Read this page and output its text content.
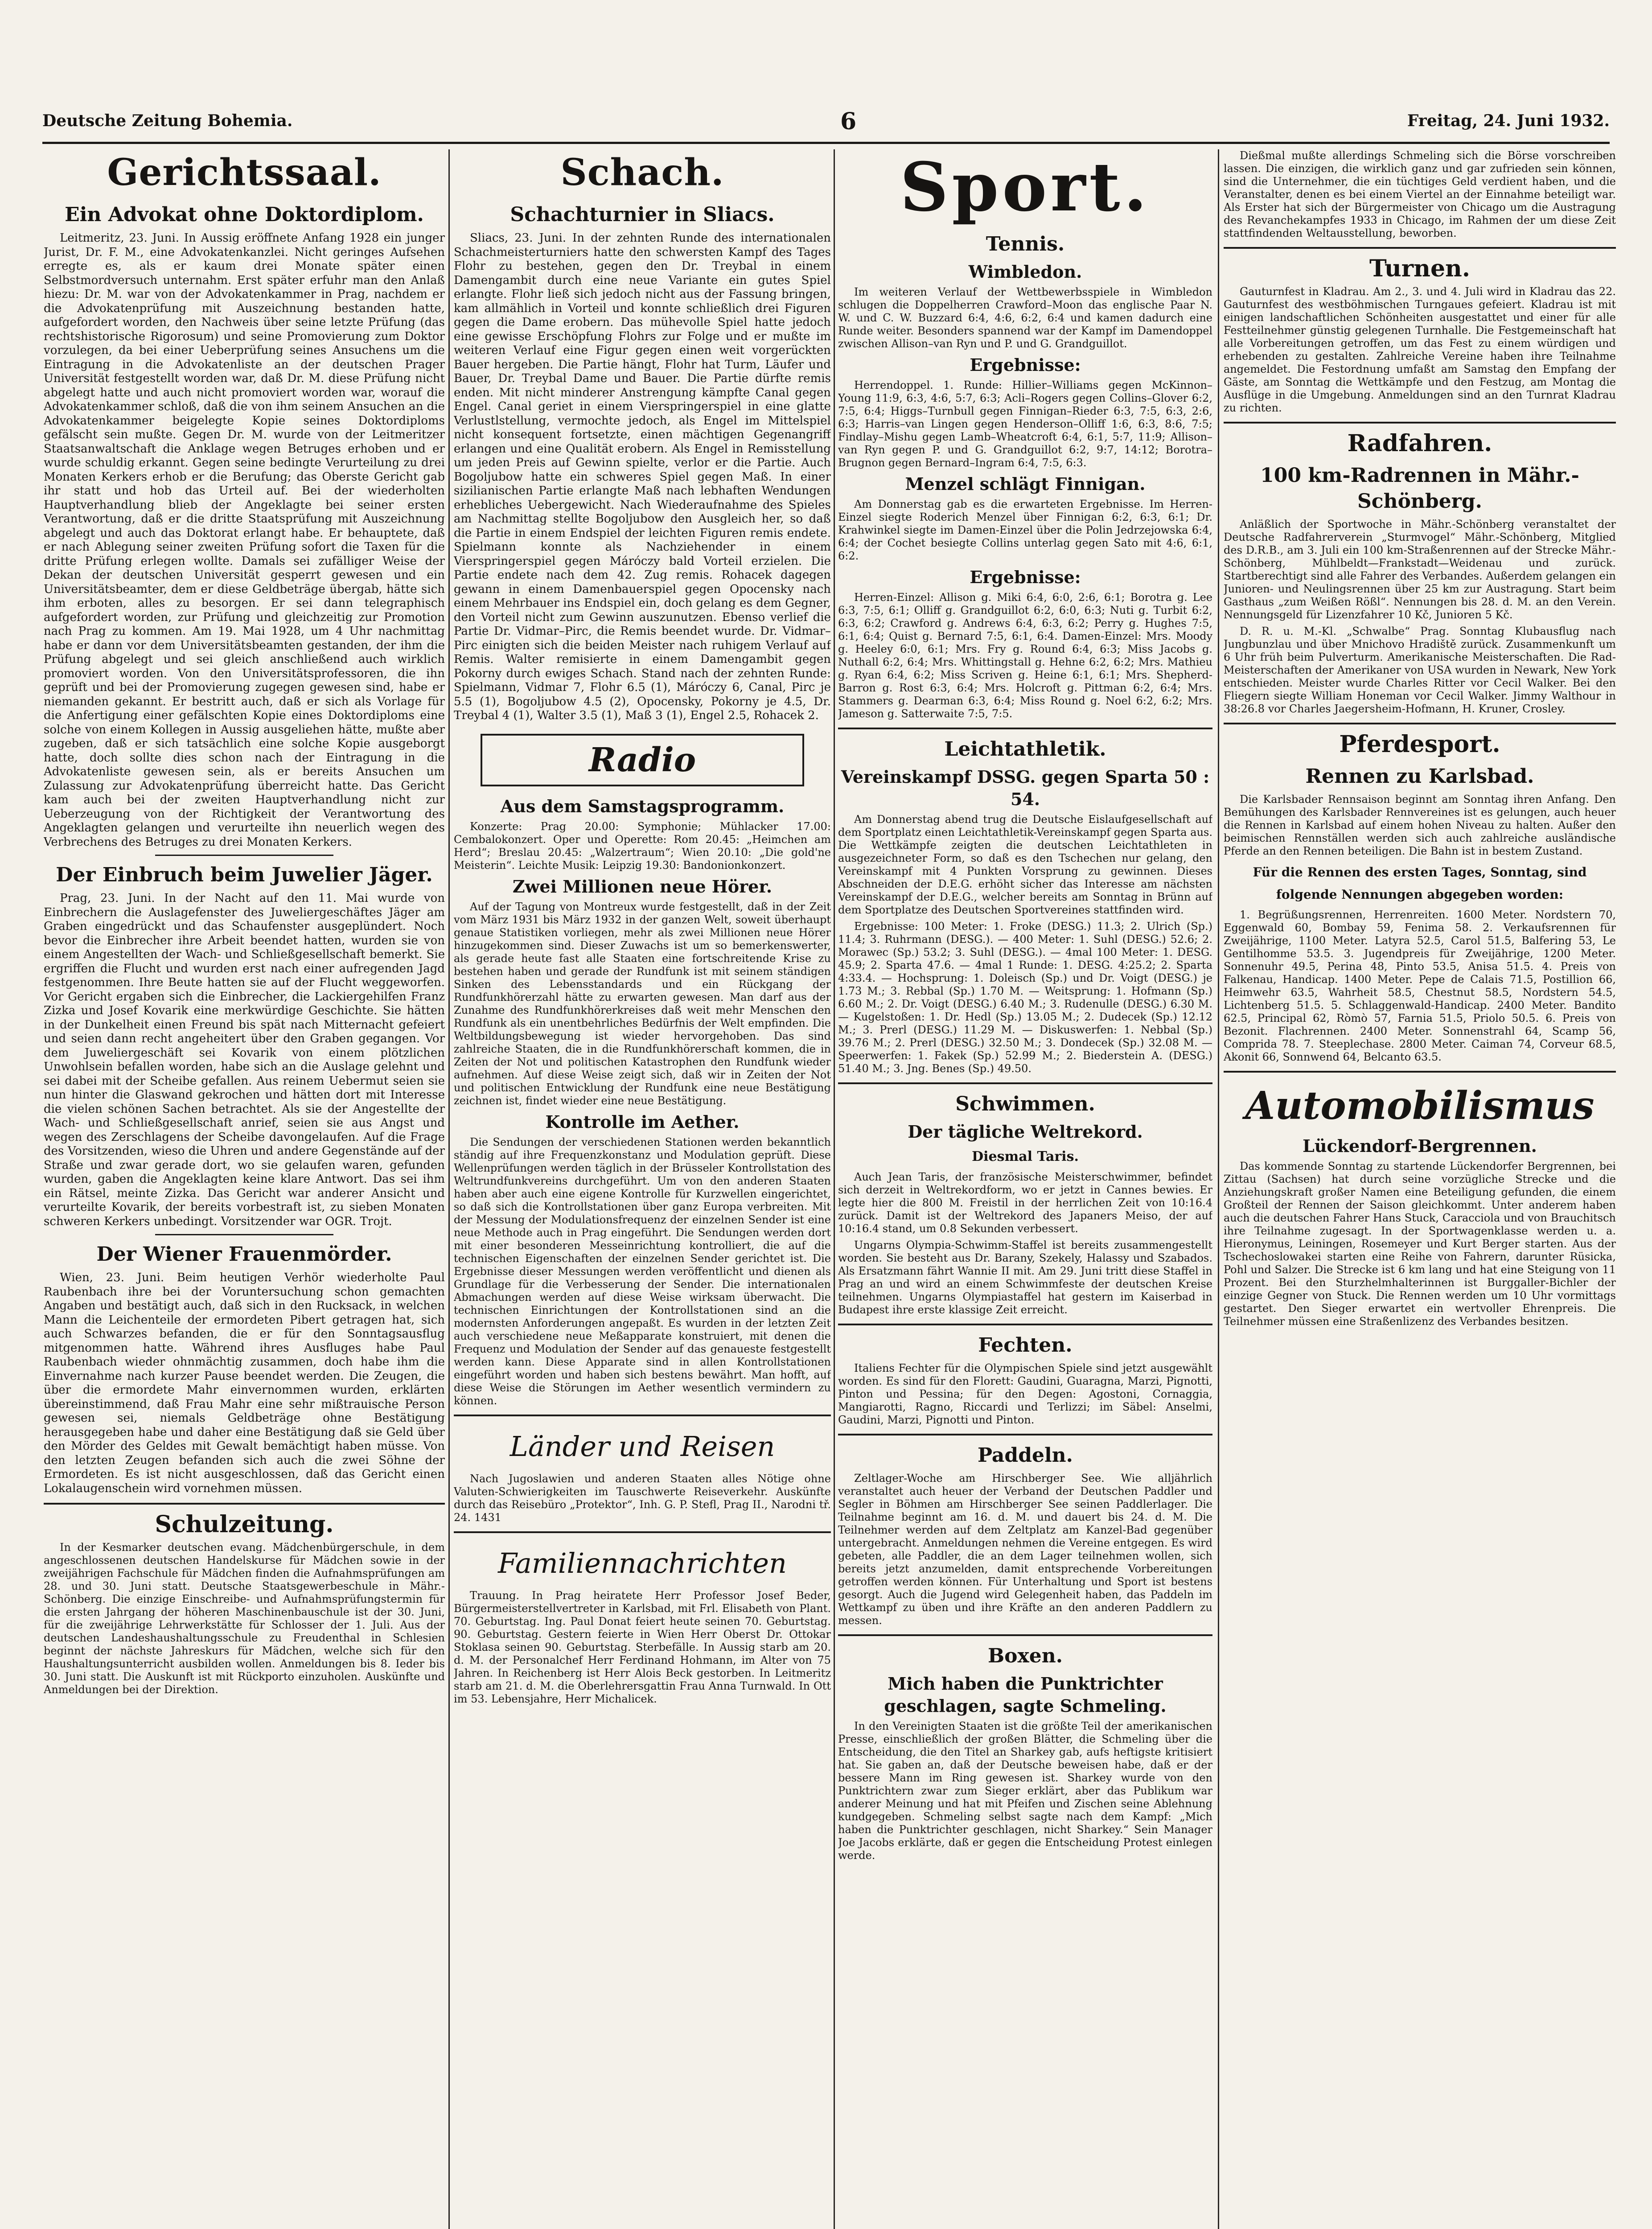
Deutsche Zeitung Bohemia.	6	Freitag, 24. Juni 1932.
Gerichtssaal.
Ein Advokat ohne Doktordiplom.

Leitmeritz, 23. Juni. In Aussig eröffnete Anfang 1928 ein junger Jurist, Dr. F. M., eine Advokatenkanzlei. Nicht geringes Aufsehen erregte es, als er kaum drei Monate später einen Selbstmordversuch unternahm. Erst später erfuhr man den Anlaß hiezu: Dr. M. war von der Advokatenkammer in Prag, nachdem er die Advokatenprüfung mit Auszeichnung bestanden hatte, aufgefordert worden, den Nachweis über seine letzte Prüfung (das rechtshistorische Rigorosum) und seine Promovierung zum Doktor vorzulegen, da bei einer Ueberprüfung seines Ansuchens um die Eintragung in die Advokatenliste an der deutschen Prager Universität festgestellt worden war, daß Dr. M. diese Prüfung nicht abgelegt hatte und auch nicht promoviert worden war, worauf die Advokatenkammer schloß, daß die von ihm seinem Ansuchen an die Advokatenkammer beigelegte Kopie seines Doktordiploms gefälscht sein mußte. Gegen Dr. M. wurde von der Leitmeritzer Staatsanwaltschaft die Anklage wegen Betruges erhoben und er wurde schuldig erkannt. Gegen seine bedingte Verurteilung zu drei Monaten Kerkers erhob er die Berufung; das Oberste Gericht gab ihr statt und hob das Urteil auf. Bei der wiederholten Hauptverhandlung blieb der Angeklagte bei seiner ersten Verantwortung, daß er die dritte Staatsprüfung mit Auszeichnung abgelegt und auch das Doktorat erlangt habe. Er behauptete, daß er nach Ablegung seiner zweiten Prüfung sofort die Taxen für die dritte Prüfung erlegen wollte. Damals sei zufälliger Weise der Dekan der deutschen Universität gesperrt gewesen und ein Universitätsbeamter, dem er diese Geldbeträge übergab, hätte sich ihm erboten, alles zu besorgen. Er sei dann telegraphisch aufgefordert worden, zur Prüfung und gleichzeitig zur Promotion nach Prag zu kommen. Am 19. Mai 1928, um 4 Uhr nachmittag habe er dann vor dem Universitätsbeamten gestanden, der ihm die Prüfung abgelegt und sei gleich anschließend auch wirklich promoviert worden. Von den Universitätsprofessoren, die ihn geprüft und bei der Promovierung zugegen gewesen sind, habe er niemanden gekannt. Er bestritt auch, daß er sich als Vorlage für die Anfertigung einer gefälschten Kopie eines Doktordiploms eine solche von einem Kollegen in Aussig ausgeliehen hätte, mußte aber zugeben, daß er sich tatsächlich eine solche Kopie ausgeborgt hatte, doch sollte dies schon nach der Eintragung in die Advokatenliste gewesen sein, als er bereits Ansuchen um Zulassung zur Advokatenprüfung überreicht hatte. Das Gericht kam auch bei der zweiten Hauptverhandlung nicht zur Ueberzeugung von der Richtigkeit der Verantwortung des Angeklagten gelangen und verurteilte ihn neuerlich wegen des Verbrechens des Betruges zu drei Monaten Kerkers.

Der Einbruch beim Juwelier Jäger.

Prag, 23. Juni. In der Nacht auf den 11. Mai wurde von Einbrechern die Auslagefenster des Juweliergeschäftes Jäger am Graben eingedrückt und das Schaufenster ausgeplündert. Noch bevor die Einbrecher ihre Arbeit beendet hatten, wurden sie von einem Angestellten der Wach- und Schließgesellschaft bemerkt. Sie ergriffen die Flucht und wurden erst nach einer aufregenden Jagd festgenommen. Ihre Beute hatten sie auf der Flucht weggeworfen. Vor Gericht ergaben sich die Einbrecher, die Lackiergehilfen Franz Zizka und Josef Kovarik eine merkwürdige Geschichte. Sie hätten in der Dunkelheit einen Freund bis spät nach Mitternacht gefeiert und seien dann recht angeheitert über den Graben gegangen. Vor dem Juweliergeschäft sei Kovarik von einem plötzlichen Unwohlsein befallen worden, habe sich an die Auslage gelehnt und sei dabei mit der Scheibe gefallen. Aus reinem Uebermut seien sie nun hinter die Glaswand gekrochen und hätten dort mit Interesse die vielen schönen Sachen betrachtet. Als sie der Angestellte der Wach- und Schließgesellschaft anrief, seien sie aus Angst und wegen des Zerschlagens der Scheibe davongelaufen. Auf die Frage des Vorsitzenden, wieso die Uhren und andere Gegenstände auf der Straße und zwar gerade dort, wo sie gelaufen waren, gefunden wurden, gaben die Angeklagten keine klare Antwort. Das sei ihm ein Rätsel, meinte Zizka. Das Gericht war anderer Ansicht und verurteilte Kovarik, der bereits vorbestraft ist, zu sieben Monaten schweren Kerkers unbedingt. Vorsitzender war OGR. Trojt.

Der Wiener Frauenmörder.

Wien, 23. Juni. Beim heutigen Verhör wiederholte Paul Raubenbach ihre bei der Voruntersuchung schon gemachten Angaben und bestätigt auch, daß sich in den Rucksack, in welchen Mann die Leichenteile der ermordeten Pibert getragen hat, sich auch Schwarzes befanden, die er für den Sonntagsausflug mitgenommen hatte. Während ihres Ausfluges habe Paul Raubenbach wieder ohnmächtig zusammen, doch habe ihm die Einvernahme nach kurzer Pause beendet werden. Die Zeugen, die über die ermordete Mahr einvernommen wurden, erklärten übereinstimmend, daß Frau Mahr eine sehr mißtrauische Person gewesen sei, niemals Geldbeträge ohne Bestätigung herausgegeben habe und daher eine Bestätigung daß sie Geld über den Mörder des Geldes mit Gewalt bemächtigt haben müsse. Von den letzten Zeugen befanden sich auch die zwei Söhne der Ermordeten. Es ist nicht ausgeschlossen, daß das Gericht einen Lokalaugenschein wird vornehmen müssen.

Schulzeitung.

In der Kesmarker deutschen evang. Mädchenbürgerschule, in dem angeschlossenen deutschen Handelskurse für Mädchen sowie in der zweijährigen Fachschule für Mädchen finden die Aufnahmsprüfungen am 28. und 30. Juni statt. Deutsche Staatsgewerbeschule in Mähr.-Schönberg. Die einzige Einschreibe- und Aufnahmsprüfungstermin für die ersten Jahrgang der höheren Maschinenbauschule ist der 30. Juni, für die zweijährige Lehrwerkstätte für Schlosser der 1. Juli. Aus der deutschen Landeshaushaltungsschule zu Freudenthal in Schlesien beginnt der nächste Jahreskurs für Mädchen, welche sich für den Haushaltungsunterricht ausbilden wollen. Anmeldungen bis 8. Ieder bis 30. Juni statt. Die Auskunft ist mit Rückporto einzuholen. Auskünfte und Anmeldungen bei der Direktion.

Schach.
Schachturnier in Sliacs.

Sliacs, 23. Juni. In der zehnten Runde des internationalen Schachmeisterturniers hatte den schwersten Kampf des Tages Flohr zu bestehen, gegen den Dr. Treybal in einem Damengambit durch eine neue Variante ein gutes Spiel erlangte. Flohr ließ sich jedoch nicht aus der Fassung bringen, kam allmählich in Vorteil und konnte schließlich drei Figuren gegen die Dame erobern. Das mühevolle Spiel hatte jedoch eine gewisse Erschöpfung Flohrs zur Folge und er mußte im weiteren Verlauf eine Figur gegen einen weit vorgerückten Bauer hergeben. Die Partie hängt, Flohr hat Turm, Läufer und Bauer, Dr. Treybal Dame und Bauer. Die Partie dürfte remis enden. Mit nicht minderer Anstrengung kämpfte Canal gegen Engel. Canal geriet in einem Vierspringerspiel in eine glatte Verlustlstellung, vermochte jedoch, als Engel im Mittelspiel nicht konsequent fortsetzte, einen mächtigen Gegenangriff erlangen und eine Qualität erobern. Als Engel in Remisstellung um jeden Preis auf Gewinn spielte, verlor er die Partie. Auch Bogoljubow hatte ein schweres Spiel gegen Maß. In einer sizilianischen Partie erlangte Maß nach lebhaften Wendungen erhebliches Uebergewicht. Nach Wiederaufnahme des Spieles am Nachmittag stellte Bogoljubow den Ausgleich her, so daß die Partie in einem Endspiel der leichten Figuren remis endete. Spielmann konnte als Nachziehender in einem Vierspringerspiel gegen Máróczy bald Vorteil erzielen. Die Partie endete nach dem 42. Zug remis. Rohacek dagegen gewann in einem Damenbauerspiel gegen Opocensky nach einem Mehrbauer ins Endspiel ein, doch gelang es dem Gegner, den Vorteil nicht zum Gewinn auszunutzen. Ebenso verlief die Partie Dr. Vidmar–Pirc, die Remis beendet wurde. Dr. Vidmar–Pirc einigten sich die beiden Meister nach ruhigem Verlauf auf Remis. Walter remisierte in einem Damengambit gegen Pokorny durch ewiges Schach. Stand nach der zehnten Runde: Spielmann, Vidmar 7, Flohr 6.5 (1), Máróczy 6, Canal, Pirc je 5.5 (1), Bogoljubow 4.5 (2), Opocensky, Pokorny je 4.5, Dr. Treybal 4 (1), Walter 3.5 (1), Maß 3 (1), Engel 2.5, Rohacek 2.

Radio
Aus dem Samstagsprogramm.

Konzerte: Prag 20.00: Symphonie; Mühlacker 17.00: Cembalokonzert. Oper und Operette: Rom 20.45: „Heimchen am Herd“; Breslau 20.45: „Walzertraum“; Wien 20.10: „Die gold'ne Meisterin“. Leichte Musik: Leipzig 19.30: Bandonionkonzert.

Zwei Millionen neue Hörer.

Auf der Tagung von Montreux wurde festgestellt, daß in der Zeit vom März 1931 bis März 1932 in der ganzen Welt, soweit überhaupt genaue Statistiken vorliegen, mehr als zwei Millionen neue Hörer hinzugekommen sind. Dieser Zuwachs ist um so bemerkenswerter, als gerade heute fast alle Staaten eine fortschreitende Krise zu bestehen haben und gerade der Rundfunk ist mit seinem ständigen Sinken des Lebensstandards und ein Rückgang der Rundfunkhörerzahl hätte zu erwarten gewesen. Man darf aus der Zunahme des Rundfunkhörerkreises daß weit mehr Menschen den Rundfunk als ein unentbehrliches Bedürfnis der Welt empfinden. Die Weltbildungsbewegung ist wieder hervorgehoben. Das sind zahlreiche Staaten, die in die Rundfunkhörerschaft kommen, die in Zeiten der Not und politischen Katastrophen den Rundfunk wieder aufnehmen. Auf diese Weise zeigt sich, daß wir in Zeiten der Not und politischen Entwicklung der Rundfunk eine neue Bestätigung zeichnen ist, findet wieder eine neue Bestätigung.

Kontrolle im Aether.

Die Sendungen der verschiedenen Stationen werden bekanntlich ständig auf ihre Frequenzkonstanz und Modulation geprüft. Diese Wellenprüfungen werden täglich in der Brüsseler Kontrollstation des Weltrundfunkvereins durchgeführt. Um von den anderen Staaten haben aber auch eine eigene Kontrolle für Kurzwellen eingerichtet, so daß sich die Kontrollstationen über ganz Europa verbreiten. Mit der Messung der Modulationsfrequenz der einzelnen Sender ist eine neue Methode auch in Prag eingeführt. Die Sendungen werden dort mit einer besonderen Messeinrichtung kontrolliert, die auf die technischen Eigenschaften der einzelnen Sender gerichtet ist. Die Ergebnisse dieser Messungen werden veröffentlicht und dienen als Grundlage für die Verbesserung der Sender. Die internationalen Abmachungen werden auf diese Weise wirksam überwacht. Die technischen Einrichtungen der Kontrollstationen sind an die modernsten Anforderungen angepaßt. Es wurden in der letzten Zeit auch verschiedene neue Meßapparate konstruiert, mit denen die Frequenz und Modulation der Sender auf das genaueste festgestellt werden kann. Diese Apparate sind in allen Kontrollstationen eingeführt worden und haben sich bestens bewährt. Man hofft, auf diese Weise die Störungen im Aether wesentlich vermindern zu können.

Länder und Reisen

Nach Jugoslawien und anderen Staaten alles Nötige ohne Valuten-Schwierigkeiten im Tauschwerte Reiseverkehr. Auskünfte durch das Reisebüro „Protektor“, Inh. G. P. Stefl, Prag II., Narodni tř. 24. 1431

Familiennachrichten

Trauung. In Prag heiratete Herr Professor Josef Beder, Bürgermeisterstellvertreter in Karlsbad, mit Frl. Elisabeth von Plant. 70. Geburtstag. Ing. Paul Donat feiert heute seinen 70. Geburtstag. 90. Geburtstag. Gestern feierte in Wien Herr Oberst Dr. Ottokar Stoklasa seinen 90. Geburtstag. Sterbefälle. In Aussig starb am 20. d. M. der Personalchef Herr Ferdinand Hohmann, im Alter von 75 Jahren. In Reichenberg ist Herr Alois Beck gestorben. In Leitmeritz starb am 21. d. M. die Oberlehrersgattin Frau Anna Turnwald. In Ott im 53. Lebensjahre, Herr Michalicek.

Sport.
Tennis.
Wimbledon.

Im weiteren Verlauf der Wettbewerbsspiele in Wimbledon schlugen die Doppelherren Crawford–Moon das englische Paar N. W. und C. W. Buzzard 6:4, 4:6, 6:2, 6:4 und kamen dadurch eine Runde weiter. Besonders spannend war der Kampf im Damendoppel zwischen Allison–van Ryn und P. und G. Grandguillot.

Ergebnisse:

Herrendoppel. 1. Runde: Hillier–Williams gegen McKinnon–Young 11:9, 6:3, 4:6, 5:7, 6:3; Acli–Rogers gegen Collins–Glover 6:2, 7:5, 6:4; Higgs–Turnbull gegen Finnigan–Rieder 6:3, 7:5, 6:3, 2:6, 6:3; Harris–van Lingen gegen Henderson–Olliff 1:6, 6:3, 8:6, 7:5; Findlay–Mishu gegen Lamb–Wheatcroft 6:4, 6:1, 5:7, 11:9; Allison–van Ryn gegen P. und G. Grandguillot 6:2, 9:7, 14:12; Borotra–Brugnon gegen Bernard–Ingram 6:4, 7:5, 6:3.

Menzel schlägt Finnigan.

Am Donnerstag gab es die erwarteten Ergebnisse. Im Herren-Einzel siegte Roderich Menzel über Finnigan 6:2, 6:3, 6:1; Dr. Krahwinkel siegte im Damen-Einzel über die Polin Jedrzejowska 6:4, 6:4; der Cochet besiegte Collins unterlag gegen Sato mit 4:6, 6:1, 6:2.

Ergebnisse:

Herren-Einzel: Allison g. Miki 6:4, 6:0, 2:6, 6:1; Borotra g. Lee 6:3, 7:5, 6:1; Olliff g. Grandguillot 6:2, 6:0, 6:3; Nuti g. Turbit 6:2, 6:3, 6:2; Crawford g. Andrews 6:4, 6:3, 6:2; Perry g. Hughes 7:5, 6:1, 6:4; Quist g. Bernard 7:5, 6:1, 6:4. Damen-Einzel: Mrs. Moody g. Heeley 6:0, 6:1; Mrs. Fry g. Round 6:4, 6:3; Miss Jacobs g. Nuthall 6:2, 6:4; Mrs. Whittingstall g. Hehne 6:2, 6:2; Mrs. Mathieu g. Ryan 6:4, 6:2; Miss Scriven g. Heine 6:1, 6:1; Mrs. Shepherd-Barron g. Rost 6:3, 6:4; Mrs. Holcroft g. Pittman 6:2, 6:4; Mrs. Stammers g. Dearman 6:3, 6:4; Miss Round g. Noel 6:2, 6:2; Mrs. Jameson g. Satterwaite 7:5, 7:5.

Leichtathletik.
Vereinskampf DSSG. gegen Sparta 50 : 54.

Am Donnerstag abend trug die Deutsche Eislaufgesellschaft auf dem Sportplatz einen Leichtathletik-Vereinskampf gegen Sparta aus. Die Wettkämpfe zeigten die deutschen Leichtathleten in ausgezeichneter Form, so daß es den Tschechen nur gelang, den Vereinskampf mit 4 Punkten Vorsprung zu gewinnen. Dieses Abschneiden der D.E.G. erhöht sicher das Interesse am nächsten Vereinskampf der D.E.G., welcher bereits am Sonntag in Brünn auf dem Sportplatze des Deutschen Sportvereines stattfinden wird.

Ergebnisse: 100 Meter: 1. Froke (DESG.) 11.3; 2. Ulrich (Sp.) 11.4; 3. Ruhrmann (DESG.). — 400 Meter: 1. Suhl (DESG.) 52.6; 2. Morawec (Sp.) 53.2; 3. Suhl (DESG.). — 4mal 100 Meter: 1. DESG. 45.9; 2. Sparta 47.6. — 4mal 1 Runde: 1. DESG. 4:25.2; 2. Sparta 4:33.4. — Hochsprung: 1. Doleisch (Sp.) und Dr. Voigt (DESG.) je 1.73 M.; 3. Rebbal (Sp.) 1.70 M. — Weitsprung: 1. Hofmann (Sp.) 6.60 M.; 2. Dr. Voigt (DESG.) 6.40 M.; 3. Rudenulle (DESG.) 6.30 M. — Kugelstoßen: 1. Dr. Hedl (Sp.) 13.05 M.; 2. Dudecek (Sp.) 12.12 M.; 3. Prerl (DESG.) 11.29 M. — Diskuswerfen: 1. Nebbal (Sp.) 39.76 M.; 2. Prerl (DESG.) 32.50 M.; 3. Dondecek (Sp.) 32.08 M. — Speerwerfen: 1. Fakek (Sp.) 52.99 M.; 2. Biederstein A. (DESG.) 51.40 M.; 3. Jng. Benes (Sp.) 49.50.

Schwimmen.
Der tägliche Weltrekord.
Diesmal Taris.

Auch Jean Taris, der französische Meisterschwimmer, befindet sich derzeit in Weltrekordform, wo er jetzt in Cannes bewies. Er legte hier die 800 M. Freistil in der herrlichen Zeit von 10:16.4 zurück. Damit ist der Weltrekord des Japaners Meiso, der auf 10:16.4 stand, um 0.8 Sekunden verbessert.

Ungarns Olympia-Schwimm-Staffel ist bereits zusammengestellt worden. Sie besteht aus Dr. Barany, Szekely, Halassy und Szabados. Als Ersatzmann fährt Wannie II mit. Am 29. Juni tritt diese Staffel in Prag an und wird an einem Schwimmfeste der deutschen Kreise teilnehmen. Ungarns Olympiastaffel hat gestern im Kaiserbad in Budapest ihre erste klassige Zeit erreicht.

Fechten.

Italiens Fechter für die Olympischen Spiele sind jetzt ausgewählt worden. Es sind für den Florett: Gaudini, Guaragna, Marzi, Pignotti, Pinton und Pessina; für den Degen: Agostoni, Cornaggia, Mangiarotti, Ragno, Riccardi und Terlizzi; im Säbel: Anselmi, Gaudini, Marzi, Pignotti und Pinton.

Paddeln.

Zeltlager-Woche am Hirschberger See. Wie alljährlich veranstaltet auch heuer der Verband der Deutschen Paddler und Segler in Böhmen am Hirschberger See seinen Paddlerlager. Die Teilnahme beginnt am 16. d. M. und dauert bis 24. d. M. Die Teilnehmer werden auf dem Zeltplatz am Kanzel-Bad gegenüber untergebracht. Anmeldungen nehmen die Vereine entgegen. Es wird gebeten, alle Paddler, die an dem Lager teilnehmen wollen, sich bereits jetzt anzumelden, damit entsprechende Vorbereitungen getroffen werden können. Für Unterhaltung und Sport ist bestens gesorgt. Auch die Jugend wird Gelegenheit haben, das Paddeln im Wettkampf zu üben und ihre Kräfte an den anderen Paddlern zu messen.

Boxen.
Mich haben die Punktrichter geschlagen, sagte Schmeling.

In den Vereinigten Staaten ist die größte Teil der amerikanischen Presse, einschließlich der großen Blätter, die Schmeling über die Entscheidung, die den Titel an Sharkey gab, aufs heftigste kritisiert hat. Sie gaben an, daß der Deutsche beweisen habe, daß er der bessere Mann im Ring gewesen ist. Sharkey wurde von den Punktrichtern zwar zum Sieger erklärt, aber das Publikum war anderer Meinung und hat mit Pfeifen und Zischen seine Ablehnung kundgegeben. Schmeling selbst sagte nach dem Kampf: „Mich haben die Punktrichter geschlagen, nicht Sharkey.“ Sein Manager Joe Jacobs erklärte, daß er gegen die Entscheidung Protest einlegen werde.

Dießmal mußte allerdings Schmeling sich die Börse vorschreiben lassen. Die einzigen, die wirklich ganz und gar zufrieden sein können, sind die Unternehmer, die ein tüchtiges Geld verdient haben, und die Veranstalter, denen es bei einem Viertel an der Einnahme beteiligt war. Als Erster hat sich der Bürgermeister von Chicago um die Austragung des Revanchekampfes 1933 in Chicago, im Rahmen der um diese Zeit stattfindenden Weltausstellung, beworben.

Turnen.

Gauturnfest in Kladrau. Am 2., 3. und 4. Juli wird in Kladrau das 22. Gauturnfest des westböhmischen Turngaues gefeiert. Kladrau ist mit einigen landschaftlichen Schönheiten ausgestattet und einer für alle Festteilnehmer günstig gelegenen Turnhalle. Die Festgemeinschaft hat alle Vorbereitungen getroffen, um das Fest zu einem würdigen und erhebenden zu gestalten. Zahlreiche Vereine haben ihre Teilnahme angemeldet. Die Festordnung umfaßt am Samstag den Empfang der Gäste, am Sonntag die Wettkämpfe und den Festzug, am Montag die Ausflüge in die Umgebung. Anmeldungen sind an den Turnrat Kladrau zu richten.

Radfahren.
100 km-Radrennen in Mähr.-Schönberg.

Anläßlich der Sportwoche in Mähr.-Schönberg veranstaltet der Deutsche Radfahrerverein „Sturmvogel“ Mähr.-Schönberg, Mitglied des D.R.B., am 3. Juli ein 100 km-Straßenrennen auf der Strecke Mähr.-Schönberg, Mühlbeldt—Frankstadt—Weidenau und zurück. Startberechtigt sind alle Fahrer des Verbandes. Außerdem gelangen ein Junioren- und Neulingsrennen über 25 km zur Austragung. Start beim Gasthaus „zum Weißen Rößl“. Nennungen bis 28. d. M. an den Verein. Nennungsgeld für Lizenzfahrer 10 Kč, Junioren 5 Kč.

D. R. u. M.-Kl. „Schwalbe“ Prag. Sonntag Klubausflug nach Jungbunzlau und über Mnichovo Hradiště zurück. Zusammenkunft um 6 Uhr früh beim Pulverturm. Amerikanische Meisterschaften. Die Rad-Meisterschaften der Amerikaner von USA wurden in Newark, New York entschieden. Meister wurde Charles Ritter vor Cecil Walker. Bei den Fliegern siegte William Honeman vor Cecil Walker. Jimmy Walthour in 38:26.8 vor Charles Jaegersheim-Hofmann, H. Kruner, Crosley.

Pferdesport.
Rennen zu Karlsbad.

Die Karlsbader Rennsaison beginnt am Sonntag ihren Anfang. Den Bemühungen des Karlsbader Rennvereines ist es gelungen, auch heuer die Rennen in Karlsbad auf einem hohen Niveau zu halten. Außer den beimischen Rennställen werden sich auch zahlreiche ausländische Pferde an den Rennen beteiligen. Die Bahn ist in bestem Zustand.

Für die Rennen des ersten Tages, Sonntag, sind folgende Nennungen abgegeben worden:

1. Begrüßungsrennen, Herrenreiten. 1600 Meter. Nordstern 70, Eggenwald 60, Bombay 59, Fenima 58. 2. Verkaufsrennen für Zweijährige, 1100 Meter. Latyra 52.5, Carol 51.5, Balfering 53, Le Gentilhomme 53.5. 3. Jugendpreis für Zweijährige, 1200 Meter. Sonnenuhr 49.5, Perina 48, Pinto 53.5, Anisa 51.5. 4. Preis von Falkenau, Handicap. 1400 Meter. Pepe de Calais 71.5, Postillion 66, Heimwehr 63.5, Wahrheit 58.5, Chestnut 58.5, Nordstern 54.5, Lichtenberg 51.5. 5. Schlaggenwald-Handicap. 2400 Meter. Bandito 62.5, Principal 62, Ròmò 57, Farnia 51.5, Priolo 50.5. 6. Preis von Bezonit. Flachrennen. 2400 Meter. Sonnenstrahl 64, Scamp 56, Comprida 78. 7. Steeplechase. 2800 Meter. Caiman 74, Corveur 68.5, Akonit 66, Sonnwend 64, Belcanto 63.5.

Automobilismus
Lückendorf-Bergrennen.

Das kommende Sonntag zu startende Lückendorfer Bergrennen, bei Zittau (Sachsen) hat durch seine vorzügliche Strecke und die Anziehungskraft großer Namen eine Beteiligung gefunden, die einem Großteil der Rennen der Saison gleichkommt. Unter anderem haben auch die deutschen Fahrer Hans Stuck, Caracciola und von Brauchitsch ihre Teilnahme zugesagt. In der Sportwagenklasse werden u. a. Hieronymus, Leiningen, Rosemeyer und Kurt Berger starten. Aus der Tschechoslowakei starten eine Reihe von Fahrern, darunter Rüsicka, Pohl und Salzer. Die Strecke ist 6 km lang und hat eine Steigung von 11 Prozent. Bei den Sturzhelmhalterinnen ist Burggaller-Bichler der einzige Gegner von Stuck. Die Rennen werden um 10 Uhr vormittags gestartet. Den Sieger erwartet ein wertvoller Ehrenpreis. Die Teilnehmer müssen eine Straßenlizenz des Verbandes besitzen.
